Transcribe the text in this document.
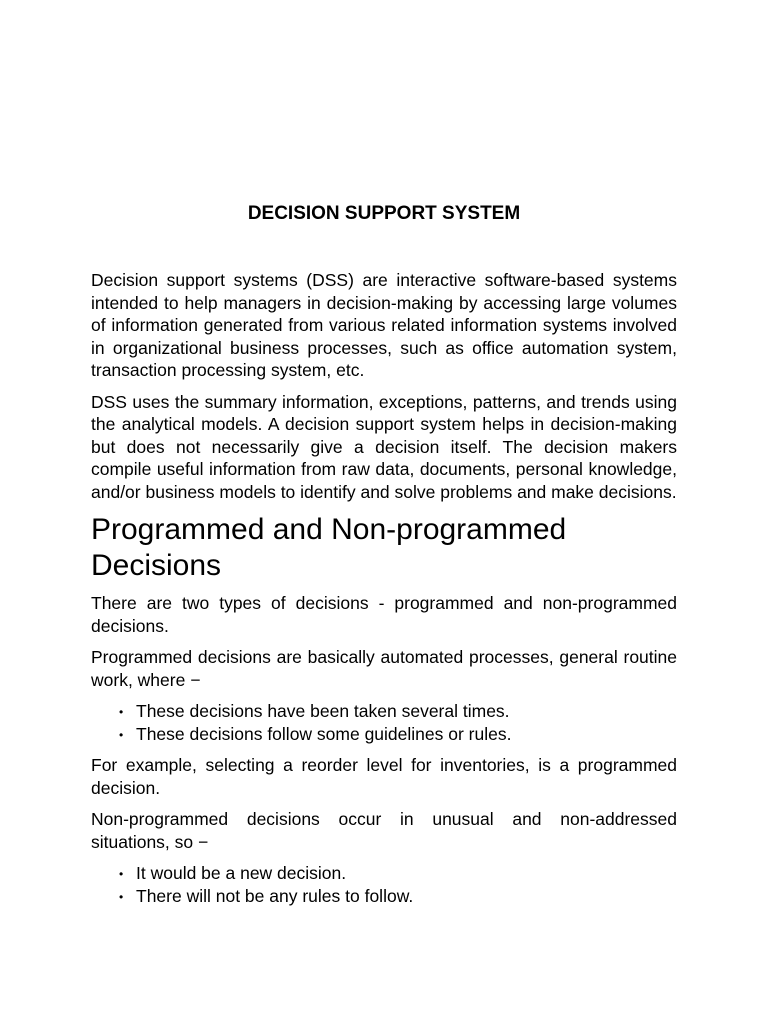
DECISION SUPPORT SYSTEM

Decision support systems (DSS) are interactive software-based systems intended to help managers in decision-making by accessing large volumes of information generated from various related information systems involved in organizational business processes, such as office automation system, transaction processing system, etc.

DSS uses the summary information, exceptions, patterns, and trends using the analytical models. A decision support system helps in decision-making but does not necessarily give a decision itself. The decision makers compile useful information from raw data, documents, personal knowledge, and/or business models to identify and solve problems and make decisions.

Programmed and Non-programmed Decisions

There are two types of decisions - programmed and non-programmed decisions.

Programmed decisions are basically automated processes, general routine work, where −

• These decisions have been taken several times.
• These decisions follow some guidelines or rules.

For example, selecting a reorder level for inventories, is a programmed decision.

Non-programmed decisions occur in unusual and non-addressed situations, so −

• It would be a new decision.
• There will not be any rules to follow.
